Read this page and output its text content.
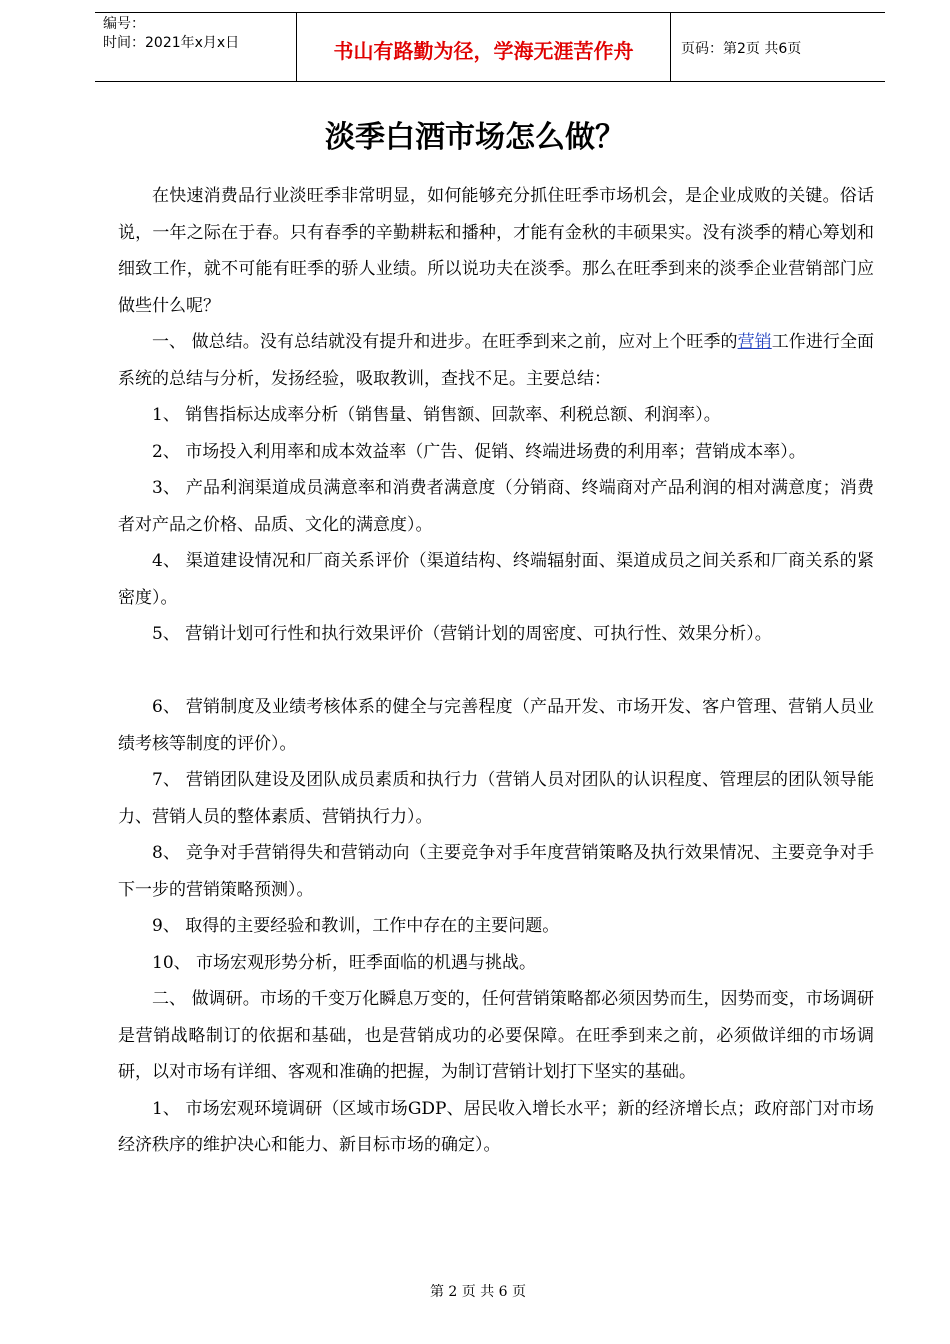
编号：
时间：2021年x月x日	书山有路勤为径，学海无涯苦作舟	页码：第2页 共6页
淡季白酒市场怎么做？

在快速消费品行业淡旺季非常明显，如何能够充分抓住旺季市场机会，是企业成败的关键。俗话说，一年之际在于春。只有春季的辛勤耕耘和播种，才能有金秋的丰硕果实。没有淡季的精心筹划和细致工作，就不可能有旺季的骄人业绩。所以说功夫在淡季。那么在旺季到来的淡季企业营销部门应做些什么呢？

一、 做总结。没有总结就没有提升和进步。在旺季到来之前，应对上个旺季的营销工作进行全面系统的总结与分析，发扬经验，吸取教训，查找不足。主要总结：

1、 销售指标达成率分析（销售量、销售额、回款率、利税总额、利润率）。

2、 市场投入利用率和成本效益率（广告、促销、终端进场费的利用率；营销成本率）。

3、 产品利润渠道成员满意率和消费者满意度（分销商、终端商对产品利润的相对满意度；消费者对产品之价格、品质、文化的满意度）。

4、 渠道建设情况和厂商关系评价（渠道结构、终端辐射面、渠道成员之间关系和厂商关系的紧密度）。

5、 营销计划可行性和执行效果评价（营销计划的周密度、可执行性、效果分析）。

6、 营销制度及业绩考核体系的健全与完善程度（产品开发、市场开发、客户管理、营销人员业绩考核等制度的评价）。

7、 营销团队建设及团队成员素质和执行力（营销人员对团队的认识程度、管理层的团队领导能力、营销人员的整体素质、营销执行力）。

8、 竞争对手营销得失和营销动向（主要竞争对手年度营销策略及执行效果情况、主要竞争对手下一步的营销策略预测）。

9、 取得的主要经验和教训，工作中存在的主要问题。

10、 市场宏观形势分析，旺季面临的机遇与挑战。

二、 做调研。市场的千变万化瞬息万变的，任何营销策略都必须因势而生，因势而变，市场调研是营销战略制订的依据和基础，也是营销成功的必要保障。在旺季到来之前，必须做详细的市场调研，以对市场有详细、客观和准确的把握，为制订营销计划打下坚实的基础。

1、 市场宏观环境调研（区域市场GDP、居民收入增长水平；新的经济增长点；政府部门对市场经济秩序的维护决心和能力、新目标市场的确定）。

第 2 页 共 6 页
